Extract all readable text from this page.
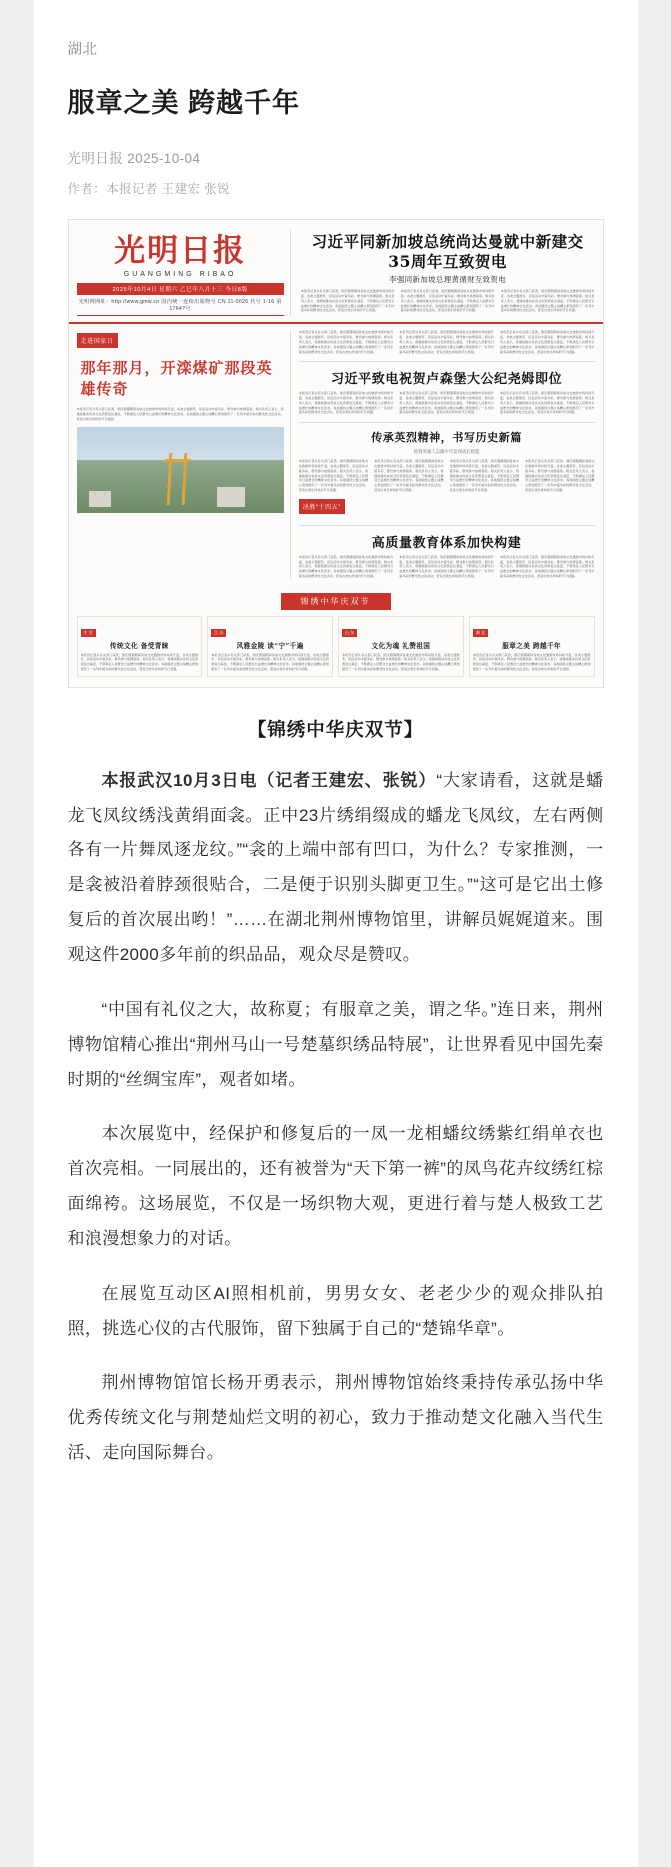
湖北
服章之美 跨越千年
光明日报 2025-10-04
作者：本报记者 王建宏 张锐
光明日报
GUANGMING RIBAO
2025年10月4日 星期六 乙巳年八月十三 今日8版
光明网网址：http://www.gmw.cn 国内统一连续出版物号 CN 11-0026 代号 1-16 第1764?号
习近平同新加坡总统尚达曼就中新建交35周年互致贺电
李强同新加坡总理黄循财互致贺电
本报讯记者从有关部门获悉，国庆假期期间各地文化旅游市场持续升温，各类主题展览、民俗活动丰富多彩，群众参与热情高涨。相关负责人表示，将继续推动优质文化资源直达基层，不断满足人民群众日益增长的精神文化需求。各地围绕主题主线精心策划组织了一系列丰富多彩的群众性文化活动，营造出欢乐祥和的节日氛围。
本报讯记者从有关部门获悉，国庆假期期间各地文化旅游市场持续升温，各类主题展览、民俗活动丰富多彩，群众参与热情高涨。相关负责人表示，将继续推动优质文化资源直达基层，不断满足人民群众日益增长的精神文化需求。各地围绕主题主线精心策划组织了一系列丰富多彩的群众性文化活动，营造出欢乐祥和的节日氛围。
本报讯记者从有关部门获悉，国庆假期期间各地文化旅游市场持续升温，各类主题展览、民俗活动丰富多彩，群众参与热情高涨。相关负责人表示，将继续推动优质文化资源直达基层，不断满足人民群众日益增长的精神文化需求。各地围绕主题主线精心策划组织了一系列丰富多彩的群众性文化活动，营造出欢乐祥和的节日氛围。
走进国家日
那年那月，开滦煤矿那段英雄传奇
本报讯记者从有关部门获悉，国庆假期期间各地文化旅游市场持续升温，各类主题展览、民俗活动丰富多彩，群众参与热情高涨。相关负责人表示，将继续推动优质文化资源直达基层，不断满足人民群众日益增长的精神文化需求。各地围绕主题主线精心策划组织了一系列丰富多彩的群众性文化活动，营造出欢乐祥和的节日氛围。
本报讯记者从有关部门获悉，国庆假期期间各地文化旅游市场持续升温，各类主题展览、民俗活动丰富多彩，群众参与热情高涨。相关负责人表示，将继续推动优质文化资源直达基层，不断满足人民群众日益增长的精神文化需求。各地围绕主题主线精心策划组织了一系列丰富多彩的群众性文化活动，营造出欢乐祥和的节日氛围。
本报讯记者从有关部门获悉，国庆假期期间各地文化旅游市场持续升温，各类主题展览、民俗活动丰富多彩，群众参与热情高涨。相关负责人表示，将继续推动优质文化资源直达基层，不断满足人民群众日益增长的精神文化需求。各地围绕主题主线精心策划组织了一系列丰富多彩的群众性文化活动，营造出欢乐祥和的节日氛围。
本报讯记者从有关部门获悉，国庆假期期间各地文化旅游市场持续升温，各类主题展览、民俗活动丰富多彩，群众参与热情高涨。相关负责人表示，将继续推动优质文化资源直达基层，不断满足人民群众日益增长的精神文化需求。各地围绕主题主线精心策划组织了一系列丰富多彩的群众性文化活动，营造出欢乐祥和的节日氛围。
习近平致电祝贺卢森堡大公纪尧姆即位
本报讯记者从有关部门获悉，国庆假期期间各地文化旅游市场持续升温，各类主题展览、民俗活动丰富多彩，群众参与热情高涨。相关负责人表示，将继续推动优质文化资源直达基层，不断满足人民群众日益增长的精神文化需求。各地围绕主题主线精心策划组织了一系列丰富多彩的群众性文化活动，营造出欢乐祥和的节日氛围。
本报讯记者从有关部门获悉，国庆假期期间各地文化旅游市场持续升温，各类主题展览、民俗活动丰富多彩，群众参与热情高涨。相关负责人表示，将继续推动优质文化资源直达基层，不断满足人民群众日益增长的精神文化需求。各地围绕主题主线精心策划组织了一系列丰富多彩的群众性文化活动，营造出欢乐祥和的节日氛围。
本报讯记者从有关部门获悉，国庆假期期间各地文化旅游市场持续升温，各类主题展览、民俗活动丰富多彩，群众参与热情高涨。相关负责人表示，将继续推动优质文化资源直达基层，不断满足人民群众日益增长的精神文化需求。各地围绕主题主线精心策划组织了一系列丰富多彩的群众性文化活动，营造出欢乐祥和的节日氛围。
传承英烈精神，书写历史新篇
铭刻英雄人志雄少年发现成长摇篮
本报讯记者从有关部门获悉，国庆假期期间各地文化旅游市场持续升温，各类主题展览、民俗活动丰富多彩，群众参与热情高涨。相关负责人表示，将继续推动优质文化资源直达基层，不断满足人民群众日益增长的精神文化需求。各地围绕主题主线精心策划组织了一系列丰富多彩的群众性文化活动，营造出欢乐祥和的节日氛围。
本报讯记者从有关部门获悉，国庆假期期间各地文化旅游市场持续升温，各类主题展览、民俗活动丰富多彩，群众参与热情高涨。相关负责人表示，将继续推动优质文化资源直达基层，不断满足人民群众日益增长的精神文化需求。各地围绕主题主线精心策划组织了一系列丰富多彩的群众性文化活动，营造出欢乐祥和的节日氛围。
本报讯记者从有关部门获悉，国庆假期期间各地文化旅游市场持续升温，各类主题展览、民俗活动丰富多彩，群众参与热情高涨。相关负责人表示，将继续推动优质文化资源直达基层，不断满足人民群众日益增长的精神文化需求。各地围绕主题主线精心策划组织了一系列丰富多彩的群众性文化活动，营造出欢乐祥和的节日氛围。
本报讯记者从有关部门获悉，国庆假期期间各地文化旅游市场持续升温，各类主题展览、民俗活动丰富多彩，群众参与热情高涨。相关负责人表示，将继续推动优质文化资源直达基层，不断满足人民群众日益增长的精神文化需求。各地围绕主题主线精心策划组织了一系列丰富多彩的群众性文化活动，营造出欢乐祥和的节日氛围。
决胜“十四五”
高质量教育体系加快构建
本报讯记者从有关部门获悉，国庆假期期间各地文化旅游市场持续升温，各类主题展览、民俗活动丰富多彩，群众参与热情高涨。相关负责人表示，将继续推动优质文化资源直达基层，不断满足人民群众日益增长的精神文化需求。各地围绕主题主线精心策划组织了一系列丰富多彩的群众性文化活动，营造出欢乐祥和的节日氛围。
本报讯记者从有关部门获悉，国庆假期期间各地文化旅游市场持续升温，各类主题展览、民俗活动丰富多彩，群众参与热情高涨。相关负责人表示，将继续推动优质文化资源直达基层，不断满足人民群众日益增长的精神文化需求。各地围绕主题主线精心策划组织了一系列丰富多彩的群众性文化活动，营造出欢乐祥和的节日氛围。
本报讯记者从有关部门获悉，国庆假期期间各地文化旅游市场持续升温，各类主题展览、民俗活动丰富多彩，群众参与热情高涨。相关负责人表示，将继续推动优质文化资源直达基层，不断满足人民群众日益增长的精神文化需求。各地围绕主题主线精心策划组织了一系列丰富多彩的群众性文化活动，营造出欢乐祥和的节日氛围。
锦绣中华庆双节
生 活
传统文化 备受青睐
本报讯记者从有关部门获悉，国庆假期期间各地文化旅游市场持续升温，各类主题展览、民俗活动丰富多彩，群众参与热情高涨。相关负责人表示，将继续推动优质文化资源直达基层，不断满足人民群众日益增长的精神文化需求。各地围绕主题主线精心策划组织了一系列丰富多彩的群众性文化活动，营造出欢乐祥和的节日氛围。
江 苏
风雅金陵 读“宁”千遍
本报讯记者从有关部门获悉，国庆假期期间各地文化旅游市场持续升温，各类主题展览、民俗活动丰富多彩，群众参与热情高涨。相关负责人表示，将继续推动优质文化资源直达基层，不断满足人民群众日益增长的精神文化需求。各地围绕主题主线精心策划组织了一系列丰富多彩的群众性文化活动，营造出欢乐祥和的节日氛围。
山 东
文化为魂 礼赞祖国
本报讯记者从有关部门获悉，国庆假期期间各地文化旅游市场持续升温，各类主题展览、民俗活动丰富多彩，群众参与热情高涨。相关负责人表示，将继续推动优质文化资源直达基层，不断满足人民群众日益增长的精神文化需求。各地围绕主题主线精心策划组织了一系列丰富多彩的群众性文化活动，营造出欢乐祥和的节日氛围。
湖 北
服章之美 跨越千年
本报讯记者从有关部门获悉，国庆假期期间各地文化旅游市场持续升温，各类主题展览、民俗活动丰富多彩，群众参与热情高涨。相关负责人表示，将继续推动优质文化资源直达基层，不断满足人民群众日益增长的精神文化需求。各地围绕主题主线精心策划组织了一系列丰富多彩的群众性文化活动，营造出欢乐祥和的节日氛围。
【锦绣中华庆双节】

本报武汉10月3日电（记者王建宏、张锐）“大家请看，这就是蟠龙飞凤纹绣浅黄绢面衾。正中23片绣绢缀成的蟠龙飞凤纹，左右两侧各有一片舞凤逐龙纹。”“衾的上端中部有凹口，为什么？专家推测，一是衾被沿着脖颈很贴合，二是便于识别头脚更卫生。”“这可是它出土修复后的首次展出哟！”……在湖北荆州博物馆里，讲解员娓娓道来。围观这件2000多年前的织品品，观众尽是赞叹。

“中国有礼仪之大，故称夏；有服章之美，谓之华。”连日来，荆州博物馆精心推出“荆州马山一号楚墓织绣品特展”，让世界看见中国先秦时期的“丝绸宝库”，观者如堵。

本次展览中，经保护和修复后的一凤一龙相蟠纹绣紫红绢单衣也首次亮相。一同展出的，还有被誉为“天下第一裤”的凤鸟花卉纹绣红棕面绵袴。这场展览，不仅是一场织物大观，更进行着与楚人极致工艺和浪漫想象力的对话。

在展览互动区AI照相机前，男男女女、老老少少的观众排队拍照，挑选心仪的古代服饰，留下独属于自己的“楚锦华章”。

荆州博物馆馆长杨开勇表示，荆州博物馆始终秉持传承弘扬中华优秀传统文化与荆楚灿烂文明的初心，致力于推动楚文化融入当代生活、走向国际舞台。
